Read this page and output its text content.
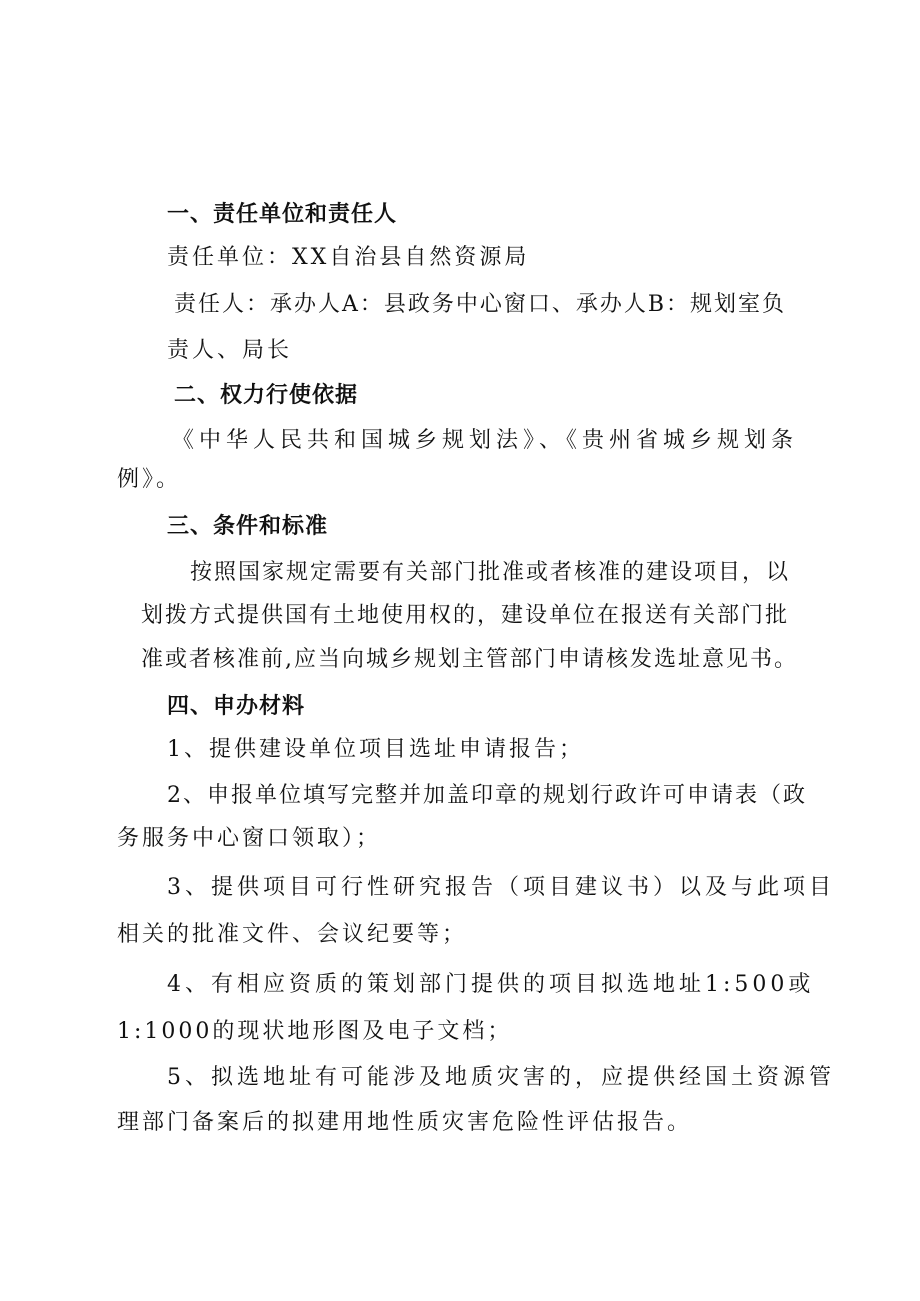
一、责任单位和责任人
责任单位：XX自治县自然资源局
责任人：承办人A：县政务中心窗口、承办人B：规划室负
责人、局长
二、权力行使依据
《中华人民共和国城乡规划法》、《贵州省城乡规划条
例》。
三、条件和标准
按照国家规定需要有关部门批准或者核准的建设项目，以
划拨方式提供国有土地使用权的，建设单位在报送有关部门批
准或者核准前,应当向城乡规划主管部门申请核发选址意见书。
四、申办材料
1、提供建设单位项目选址申请报告；
2、申报单位填写完整并加盖印章的规划行政许可申请表（政
务服务中心窗口领取）；
3、提供项目可行性研究报告（项目建议书）以及与此项目
相关的批准文件、会议纪要等；
4、有相应资质的策划部门提供的项目拟选地址1:500或
1:1000的现状地形图及电子文档；
5、拟选地址有可能涉及地质灾害的，应提供经国土资源管
理部门备案后的拟建用地性质灾害危险性评估报告。
